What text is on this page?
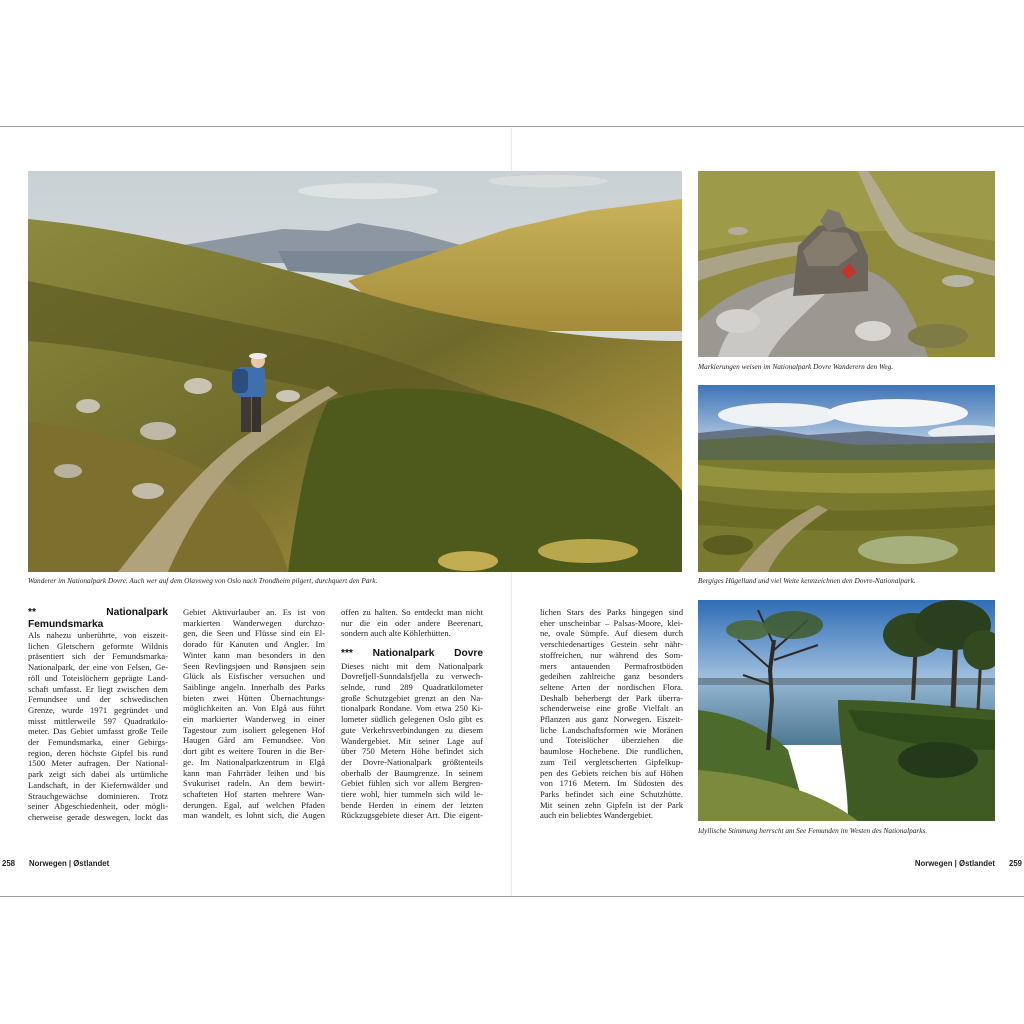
Wanderer im Nationalpark Dovre. Auch wer auf dem Olavsweg von Oslo nach Trondheim pilgert, durchquert den Park.
Markierungen weisen im Nationalpark Dovre Wanderern den Weg.
Bergiges Hügelland und viel Weite kennzeichnen den Dovre-Nationalpark.
Idyllische Stimmung herrscht am See Femunden im Westen des Nationalparks.
** Nationalpark
Femundsmarka
Als nahezu unberührte, von eiszeit-
lichen Gletschern geformte Wildnis
präsentiert sich der Femundsmarka-
Nationalpark, der eine von Felsen, Ge-
röll und Toteislöchern geprägte Land-
schaft umfasst. Er liegt zwischen dem
Femundsee und der schwedischen
Grenze, wurde 1971 gegründet und
misst mittlerweile 597 Quadratkilo-
meter. Das Gebiet umfasst große Teile
der Femundsmarka, einer Gebirgs-
region, deren höchste Gipfel bis rund
1500 Meter aufragen. Der National-
park zeigt sich dabei als urtümliche
Landschaft, in der Kiefernwälder und
Strauchgewächse dominieren. Trotz
seiner Abgeschiedenheit, oder mögli-
cherweise gerade deswegen, lockt das
Gebiet Aktivurlauber an. Es ist von
markierten Wanderwegen durchzo-
gen, die Seen und Flüsse sind ein El-
dorado für Kanuten und Angler. Im
Winter kann man besonders in den
Seen Revlingsjøen und Rønsjøen sein
Glück als Eisfischer versuchen und
Saiblinge angeln. Innerhalb des Parks
bieten zwei Hütten Übernachtungs-
möglichkeiten an. Von Elgå aus führt
ein markierter Wanderweg in einer
Tagestour zum isoliert gelegenen Hof
Haugen Gård am Femundsee. Von
dort gibt es weitere Touren in die Ber-
ge. Im Nationalparkzentrum in Elgå
kann man Fahrräder leihen und bis
Svukuriset radeln. An dem bewirt-
schafteten Hof starten mehrere Wan-
derungen. Egal, auf welchen Pfaden
man wandelt, es lohnt sich, die Augen
offen zu halten. So entdeckt man nicht
nur die ein oder andere Beerenart,
sondern auch alte Köhlerhütten.
*** Nationalpark Dovre
Dieses nicht mit dem Nationalpark
Dovrefjell-Sunndalsfjella zu verwech-
selnde, rund 289 Quadratkilometer
große Schutzgebiet grenzt an den Na-
tionalpark Rondane. Vom etwa 250 Ki-
lometer südlich gelegenen Oslo gibt es
gute Verkehrsverbindungen zu diesem
Wandergebiet. Mit seiner Lage auf
über 750 Metern Höhe befindet sich
der Dovre-Nationalpark größtenteils
oberhalb der Baumgrenze. In seinem
Gebiet fühlen sich vor allem Bergren-
tiere wohl, hier tummeln sich wild le-
bende Herden in einem der letzten
Rückzugsgebiete dieser Art. Die eigent-
lichen Stars des Parks hingegen sind
eher unscheinbar – Palsas-Moore, klei-
ne, ovale Sümpfe. Auf diesem durch
verschiedenartiges Gestein sehr nähr-
stoffreichen, nur während des Som-
mers antauenden Permafrostböden
gedeihen zahlreiche ganz besonders
seltene Arten der nordischen Flora.
Deshalb beherbergt der Park überra-
schenderweise eine große Vielfalt an
Pflanzen aus ganz Norwegen. Eiszeit-
liche Landschaftsformen wie Moränen
und Toteislöcher überziehen die
baumlose Hochebene. Die rundlichen,
zum Teil vergletscherten Gipfelkup-
pen des Gebiets reichen bis auf Höhen
von 1716 Metern. Im Südosten des
Parks befindet sich eine Schutzhütte.
Mit seinen zehn Gipfeln ist der Park
auch ein beliebtes Wandergebiet.
258 Norwegen | Østlandet	Norwegen | Østlandet 259
